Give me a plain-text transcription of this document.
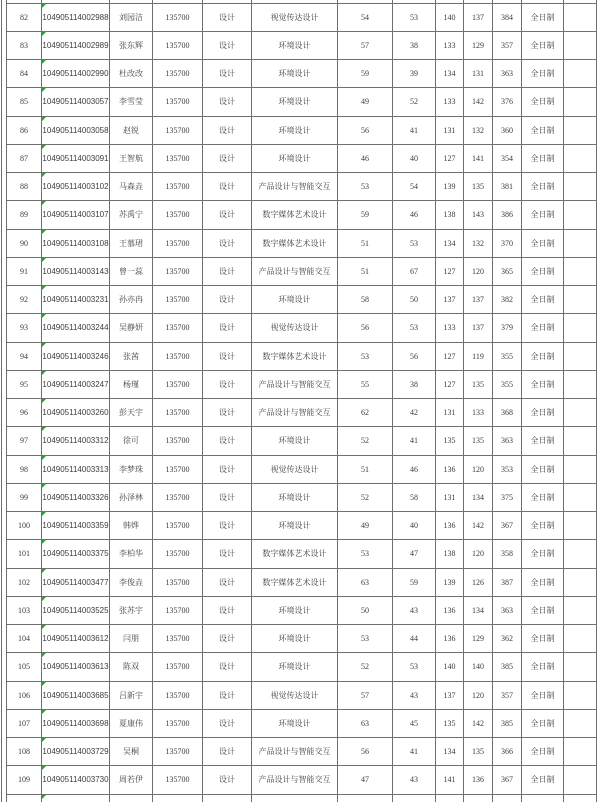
82	104905114002988	刘园洁	135700	设计	视觉传达设计	54	53	140	137	384	全日制	
83	104905114002989	张东辉	135700	设计	环境设计	57	38	133	129	357	全日制	
84	104905114002990	杜改改	135700	设计	环境设计	59	39	134	131	363	全日制	
85	104905114003057	李雪莹	135700	设计	环境设计	49	52	133	142	376	全日制	
86	104905114003058	赵锐	135700	设计	环境设计	56	41	131	132	360	全日制	
87	104905114003091	王智航	135700	设计	环境设计	46	40	127	141	354	全日制	
88	104905114003102	马森垚	135700	设计	产品设计与智能交互	53	54	139	135	381	全日制	
89	104905114003107	苏禹宁	135700	设计	数字媒体艺术设计	59	46	138	143	386	全日制	
90	104905114003108	王慕珺	135700	设计	数字媒体艺术设计	51	53	134	132	370	全日制	
91	104905114003143	曾一蕊	135700	设计	产品设计与智能交互	51	67	127	120	365	全日制	
92	104905114003231	孙亦冉	135700	设计	环境设计	58	50	137	137	382	全日制	
93	104905114003244	吴静妍	135700	设计	视觉传达设计	56	53	133	137	379	全日制	
94	104905114003246	张茜	135700	设计	数字媒体艺术设计	53	56	127	119	355	全日制	
95	104905114003247	杨瑾	135700	设计	产品设计与智能交互	55	38	127	135	355	全日制	
96	104905114003260	彭天宇	135700	设计	产品设计与智能交互	62	42	131	133	368	全日制	
97	104905114003312	徐可	135700	设计	环境设计	52	41	135	135	363	全日制	
98	104905114003313	李梦珠	135700	设计	视觉传达设计	51	46	136	120	353	全日制	
99	104905114003326	孙泽林	135700	设计	环境设计	52	58	131	134	375	全日制	
100	104905114003359	韩烨	135700	设计	环境设计	49	40	136	142	367	全日制	
101	104905114003375	李柏华	135700	设计	数字媒体艺术设计	53	47	138	120	358	全日制	
102	104905114003477	李俊垚	135700	设计	数字媒体艺术设计	63	59	139	126	387	全日制	
103	104905114003525	张苏宇	135700	设计	环境设计	50	43	136	134	363	全日制	
104	104905114003612	闫朋	135700	设计	环境设计	53	44	136	129	362	全日制	
105	104905114003613	陈双	135700	设计	环境设计	52	53	140	140	385	全日制	
106	104905114003685	吕新宇	135700	设计	视觉传达设计	57	43	137	120	357	全日制	
107	104905114003698	夏康伟	135700	设计	环境设计	63	45	135	142	385	全日制	
108	104905114003729	吴桐	135700	设计	产品设计与智能交互	56	41	134	135	366	全日制	
109	104905114003730	周若伊	135700	设计	产品设计与智能交互	47	43	141	136	367	全日制	
